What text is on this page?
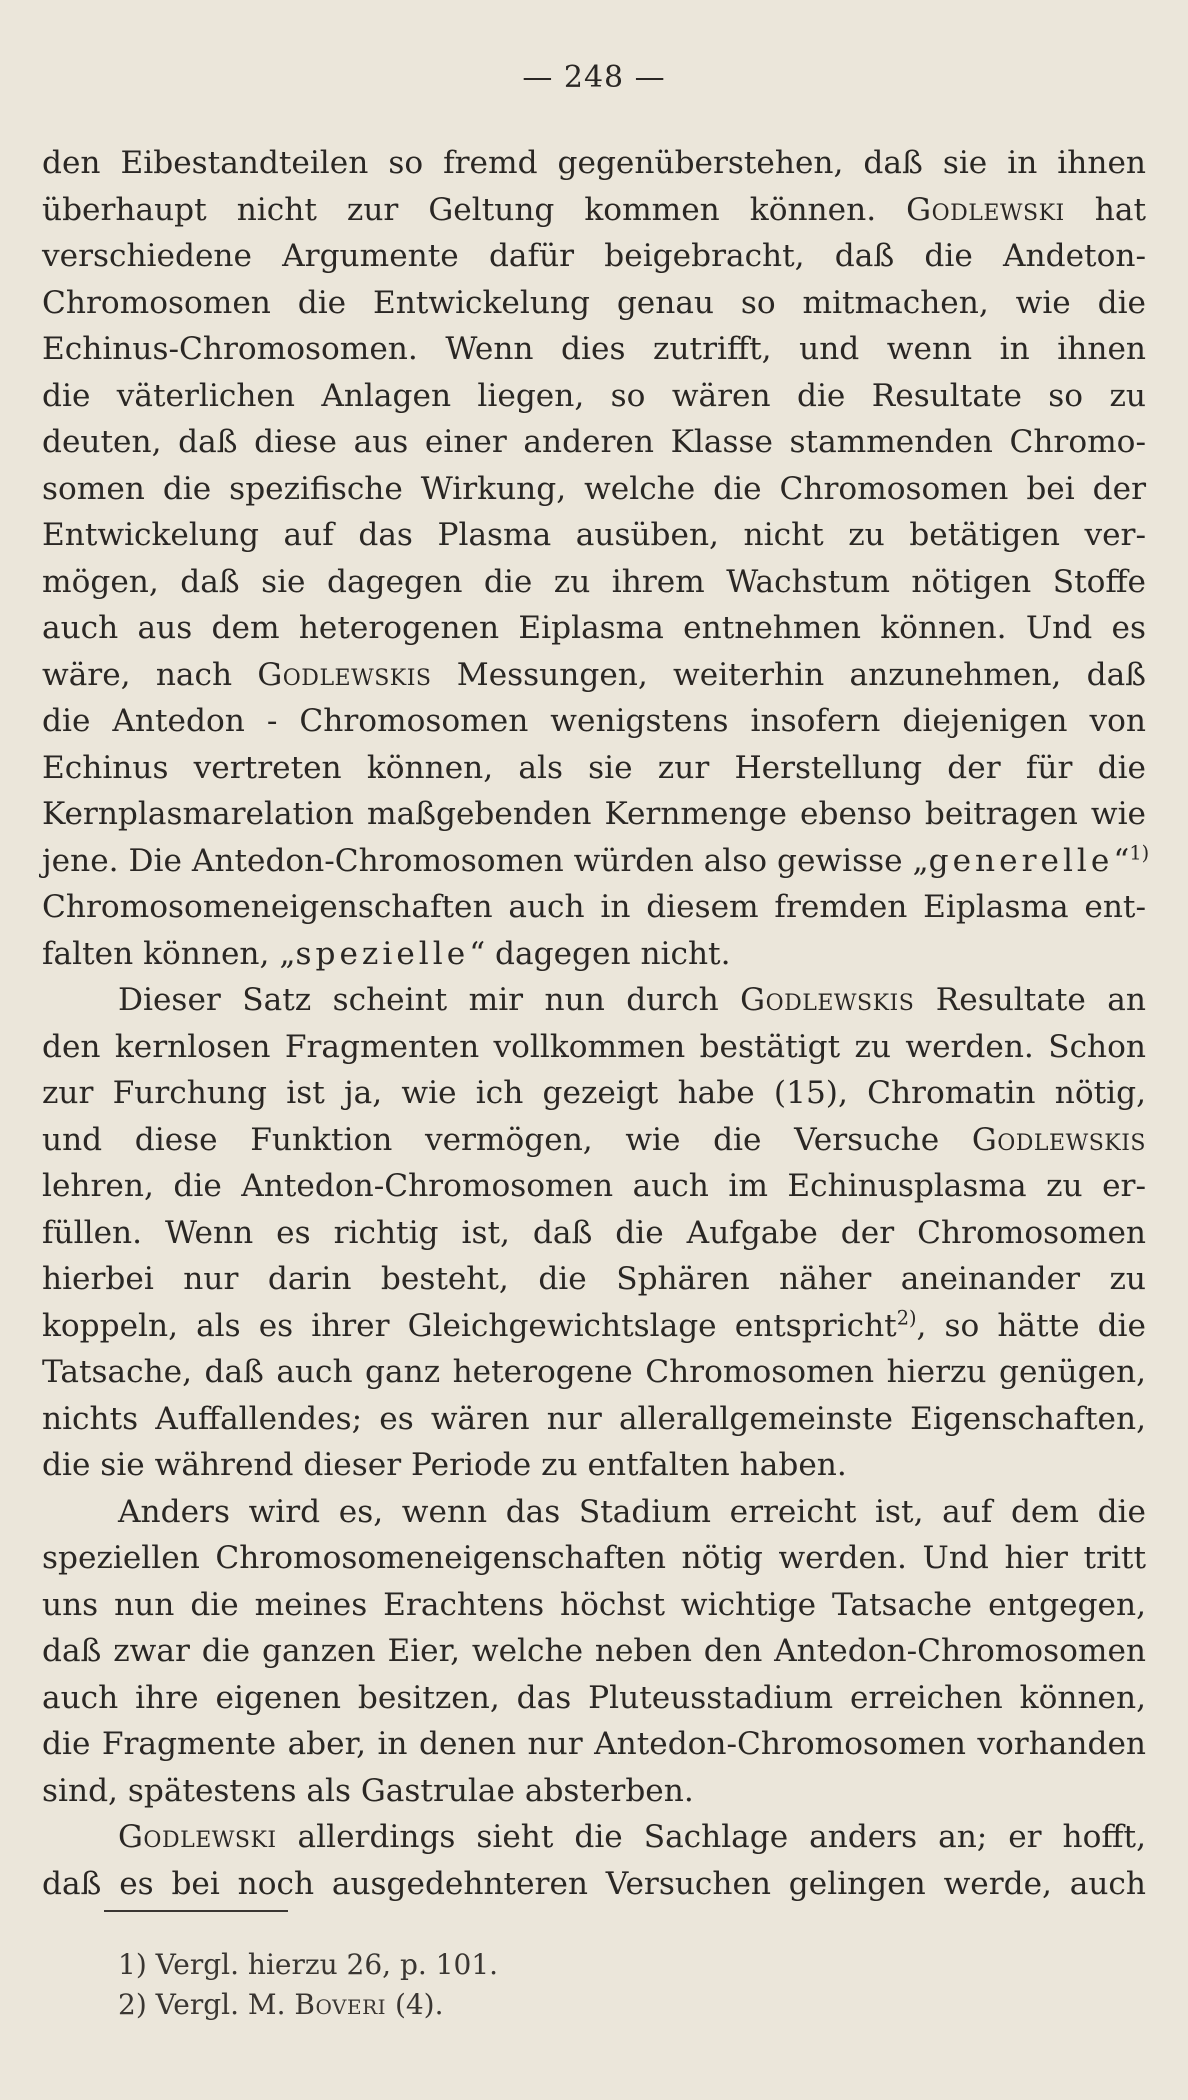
— 248 —
den Eibestandteilen so fremd gegenüberstehen, daß sie in ihnen
überhaupt nicht zur Geltung kommen können. Godlewski hat
verschiedene Argumente dafür beigebracht, daß die Andeton-
Chromosomen die Entwickelung genau so mitmachen, wie die
Echinus-Chromosomen. Wenn dies zutrifft, und wenn in ihnen
die väterlichen Anlagen liegen, so wären die Resultate so zu
deuten, daß diese aus einer anderen Klasse stammenden Chromo-
somen die spezifische Wirkung, welche die Chromosomen bei der
Entwickelung auf das Plasma ausüben, nicht zu betätigen ver-
mögen, daß sie dagegen die zu ihrem Wachstum nötigen Stoffe
auch aus dem heterogenen Eiplasma entnehmen können. Und es
wäre, nach Godlewskis Messungen, weiterhin anzunehmen, daß
die Antedon - Chromosomen wenigstens insofern diejenigen von
Echinus vertreten können, als sie zur Herstellung der für die
Kernplasmarelation maßgebenden Kernmenge ebenso beitragen wie
jene. Die Antedon-Chromosomen würden also gewisse „generelle“$^{1)}$
Chromosomeneigenschaften auch in diesem fremden Eiplasma ent-
falten können, „spezielle“ dagegen nicht.
Dieser Satz scheint mir nun durch Godlewskis Resultate an
den kernlosen Fragmenten vollkommen bestätigt zu werden. Schon
zur Furchung ist ja, wie ich gezeigt habe (15), Chromatin nötig,
und diese Funktion vermögen, wie die Versuche Godlewskis
lehren, die Antedon-Chromosomen auch im Echinusplasma zu er-
füllen. Wenn es richtig ist, daß die Aufgabe der Chromosomen
hierbei nur darin besteht, die Sphären näher aneinander zu
koppeln, als es ihrer Gleichgewichtslage entspricht$^{2)}$, so hätte die
Tatsache, daß auch ganz heterogene Chromosomen hierzu genügen,
nichts Auffallendes; es wären nur allerallgemeinste Eigenschaften,
die sie während dieser Periode zu entfalten haben.
Anders wird es, wenn das Stadium erreicht ist, auf dem die
speziellen Chromosomeneigenschaften nötig werden. Und hier tritt
uns nun die meines Erachtens höchst wichtige Tatsache entgegen,
daß zwar die ganzen Eier, welche neben den Antedon-Chromosomen
auch ihre eigenen besitzen, das Pluteusstadium erreichen können,
die Fragmente aber, in denen nur Antedon-Chromosomen vorhanden
sind, spätestens als Gastrulae absterben.
Godlewski allerdings sieht die Sachlage anders an; er hofft,
daß es bei noch ausgedehnteren Versuchen gelingen werde, auch
1) Vergl. hierzu 26, p. 101.
2) Vergl. M. Boveri (4).
